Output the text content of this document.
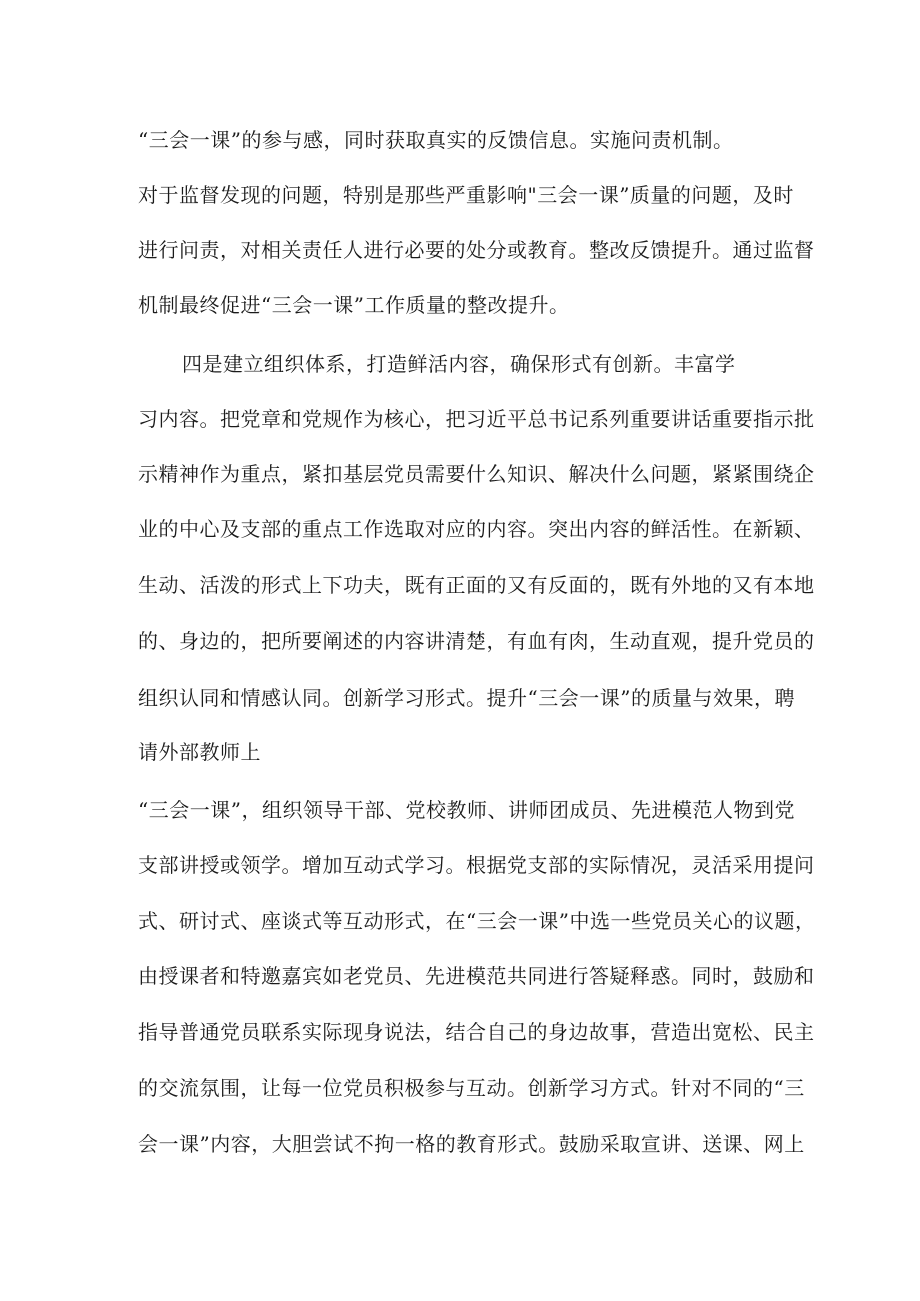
“三会一课”的参与感，同时获取真实的反馈信息。实施问责机制。
对于监督发现的问题，特别是那些严重影响"三会一课”质量的问题，及时
进行问责，对相关责任人进行必要的处分或教育。整改反馈提升。通过监督
机制最终促进“三会一课”工作质量的整改提升。
四是建立组织体系，打造鲜活内容，确保形式有创新。丰富学
习内容。把党章和党规作为核心，把习近平总书记系列重要讲话重要指示批
示精神作为重点，紧扣基层党员需要什么知识、解决什么问题，紧紧围绕企
业的中心及支部的重点工作选取对应的内容。突出内容的鲜活性。在新颖、
生动、活泼的形式上下功夫，既有正面的又有反面的，既有外地的又有本地
的、身边的，把所要阐述的内容讲清楚，有血有肉，生动直观，提升党员的
组织认同和情感认同。创新学习形式。提升“三会一课”的质量与效果，聘
请外部教师上
“三会一课”，组织领导干部、党校教师、讲师团成员、先进模范人物到党
支部讲授或领学。增加互动式学习。根据党支部的实际情况，灵活采用提问
式、研讨式、座谈式等互动形式，在“三会一课”中选一些党员关心的议题，
由授课者和特邀嘉宾如老党员、先进模范共同进行答疑释惑。同时，鼓励和
指导普通党员联系实际现身说法，结合自己的身边故事，营造出宽松、民主
的交流氛围，让每一位党员积极参与互动。创新学习方式。针对不同的“三
会一课”内容，大胆尝试不拘一格的教育形式。鼓励采取宣讲、送课、网上
